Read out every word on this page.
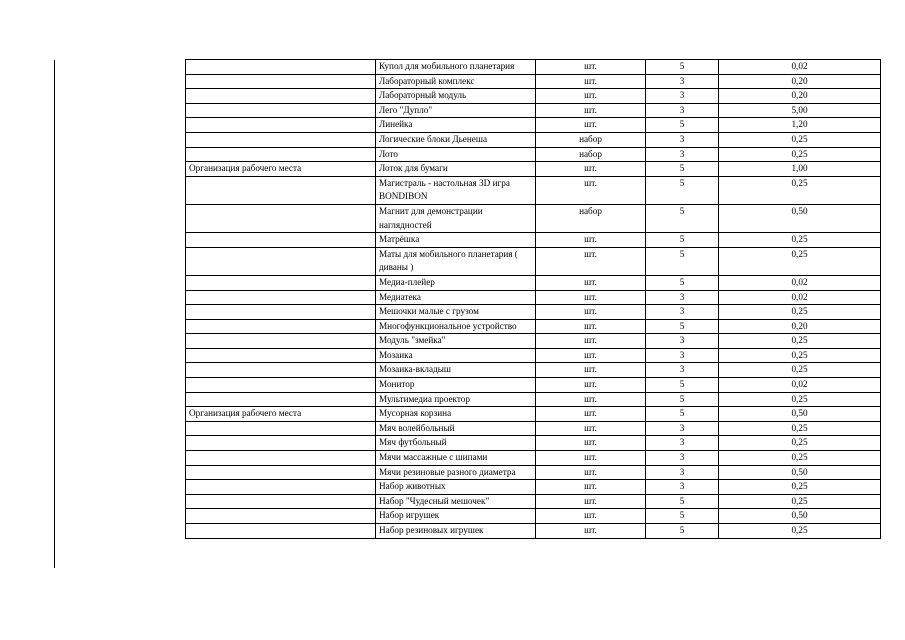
	Купол для мобильного планетария	шт.	5	0,02
	Лабораторный комплекс	шт.	3	0,20
	Лабораторный модуль	шт.	3	0,20
	Лего "Дупло"	шт.	3	5,00
	Линейка	шт.	5	1,20
	Логические блоки Дьенеша	набор	3	0,25
	Лото	набор	3	0,25
Организация рабочего места	Лоток для бумаги	шт.	5	1,00
	Магистраль - настольная 3D игра BONDIBON	шт.	5	0,25
	Магнит для демонстрации наглядностей	набор	5	0,50
	Матрёшка	шт.	5	0,25
	Маты для мобильного планетария ( диваны )	шт.	5	0,25
	Медиа-плейер	шт.	5	0,02
	Медиатека	шт.	3	0,02
	Мешочки малые с грузом	шт.	3	0,25
	Многофункциональное устройство	шт.	5	0,20
	Модуль "змейка"	шт.	3	0,25
	Мозаика	шт.	3	0,25
	Мозаика-вкладыш	шт.	3	0,25
	Монитор	шт.	5	0,02
	Мультимедиа проектор	шт.	5	0,25
Организация рабочего места	Мусорная корзина	шт.	5	0,50
	Мяч волейбольный	шт.	3	0,25
	Мяч футбольный	шт.	3	0,25
	Мячи массажные с шипами	шт.	3	0,25
	Мячи резиновые разного диаметра	шт.	3	0,50
	Набор животных	шт.	3	0,25
	Набор "Чудесный мешочек"	шт.	5	0,25
	Набор игрушек	шт.	5	0,50
	Набор резиновых игрушек	шт.	5	0,25
